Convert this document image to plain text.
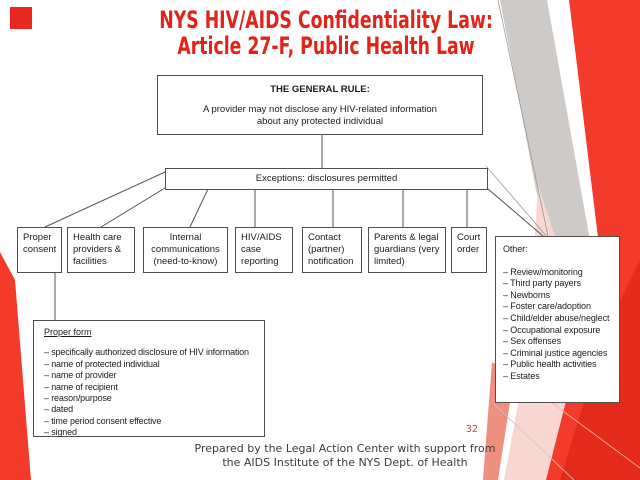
NYS HIV/AIDS Confidentiality Law:
Article 27-F, Public Health Law
THE GENERAL RULE:
A provider may not disclose any HIV-related information
about any protected individual
Exceptions: disclosures permitted
Proper consent
Health care providers & facilities
Internal communications (need-to-know)
HIV/AIDS case reporting
Contact (partner) notification
Parents & legal guardians (very limited)
Court order	Other:
– Review/monitoring
– Third party payers
– Newborns
– Foster care/adoption
– Child/elder abuse/neglect
– Occupational exposure
– Sex offenses
– Criminal justice agencies
– Public health activities
– Estates
Proper form
– specifically authorized disclosure of HIV information
– name of protected individual
– name of provider
– name of recipient
– reason/purpose
– dated
– time period consent effective
– signed	32
Prepared by the Legal Action Center with support from
the AIDS Institute of the NYS Dept. of Health
